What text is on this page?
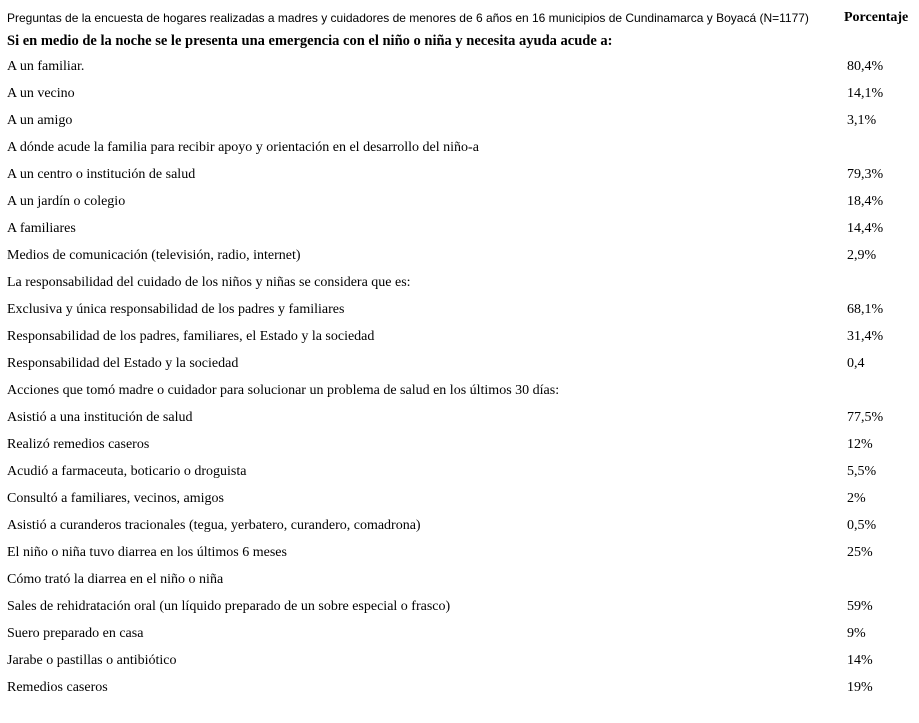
Preguntas de la encuesta de hogares realizadas a madres y cuidadores de menores de 6 años en 16 municipios de Cundinamarca y Boyacá (N=1177)	Porcentaje
Si en medio de la noche se le presenta una emergencia con el niño o niña y necesita ayuda acude a:	
A un familiar.	80,4%
A un vecino	14,1%
A un amigo	3,1%
A dónde acude la familia para recibir apoyo y orientación en el desarrollo del niño-a	
A un centro o institución de salud	79,3%
A un jardín o colegio	18,4%
A familiares	14,4%
Medios de comunicación (televisión, radio, internet)	2,9%
La responsabilidad del cuidado de los niños y niñas se considera que es:	
Exclusiva y única responsabilidad de los padres y familiares	68,1%
Responsabilidad de los padres, familiares, el Estado y la sociedad	31,4%
Responsabilidad del Estado y la sociedad	0,4
Acciones que tomó madre o cuidador para solucionar un problema de salud en los últimos 30 días:	
Asistió a una institución de salud	77,5%
Realizó remedios caseros	12%
Acudió a farmaceuta, boticario o droguista	5,5%
Consultó a familiares, vecinos, amigos	2%
Asistió a curanderos tracionales (tegua, yerbatero, curandero, comadrona)	0,5%
El niño o niña tuvo diarrea en los últimos 6 meses	25%
Cómo trató la diarrea en el niño o niña	
Sales de rehidratación oral (un líquido preparado de un sobre especial o frasco)	59%
Suero preparado en casa	9%
Jarabe o pastillas o antibiótico	14%
Remedios caseros	19%
